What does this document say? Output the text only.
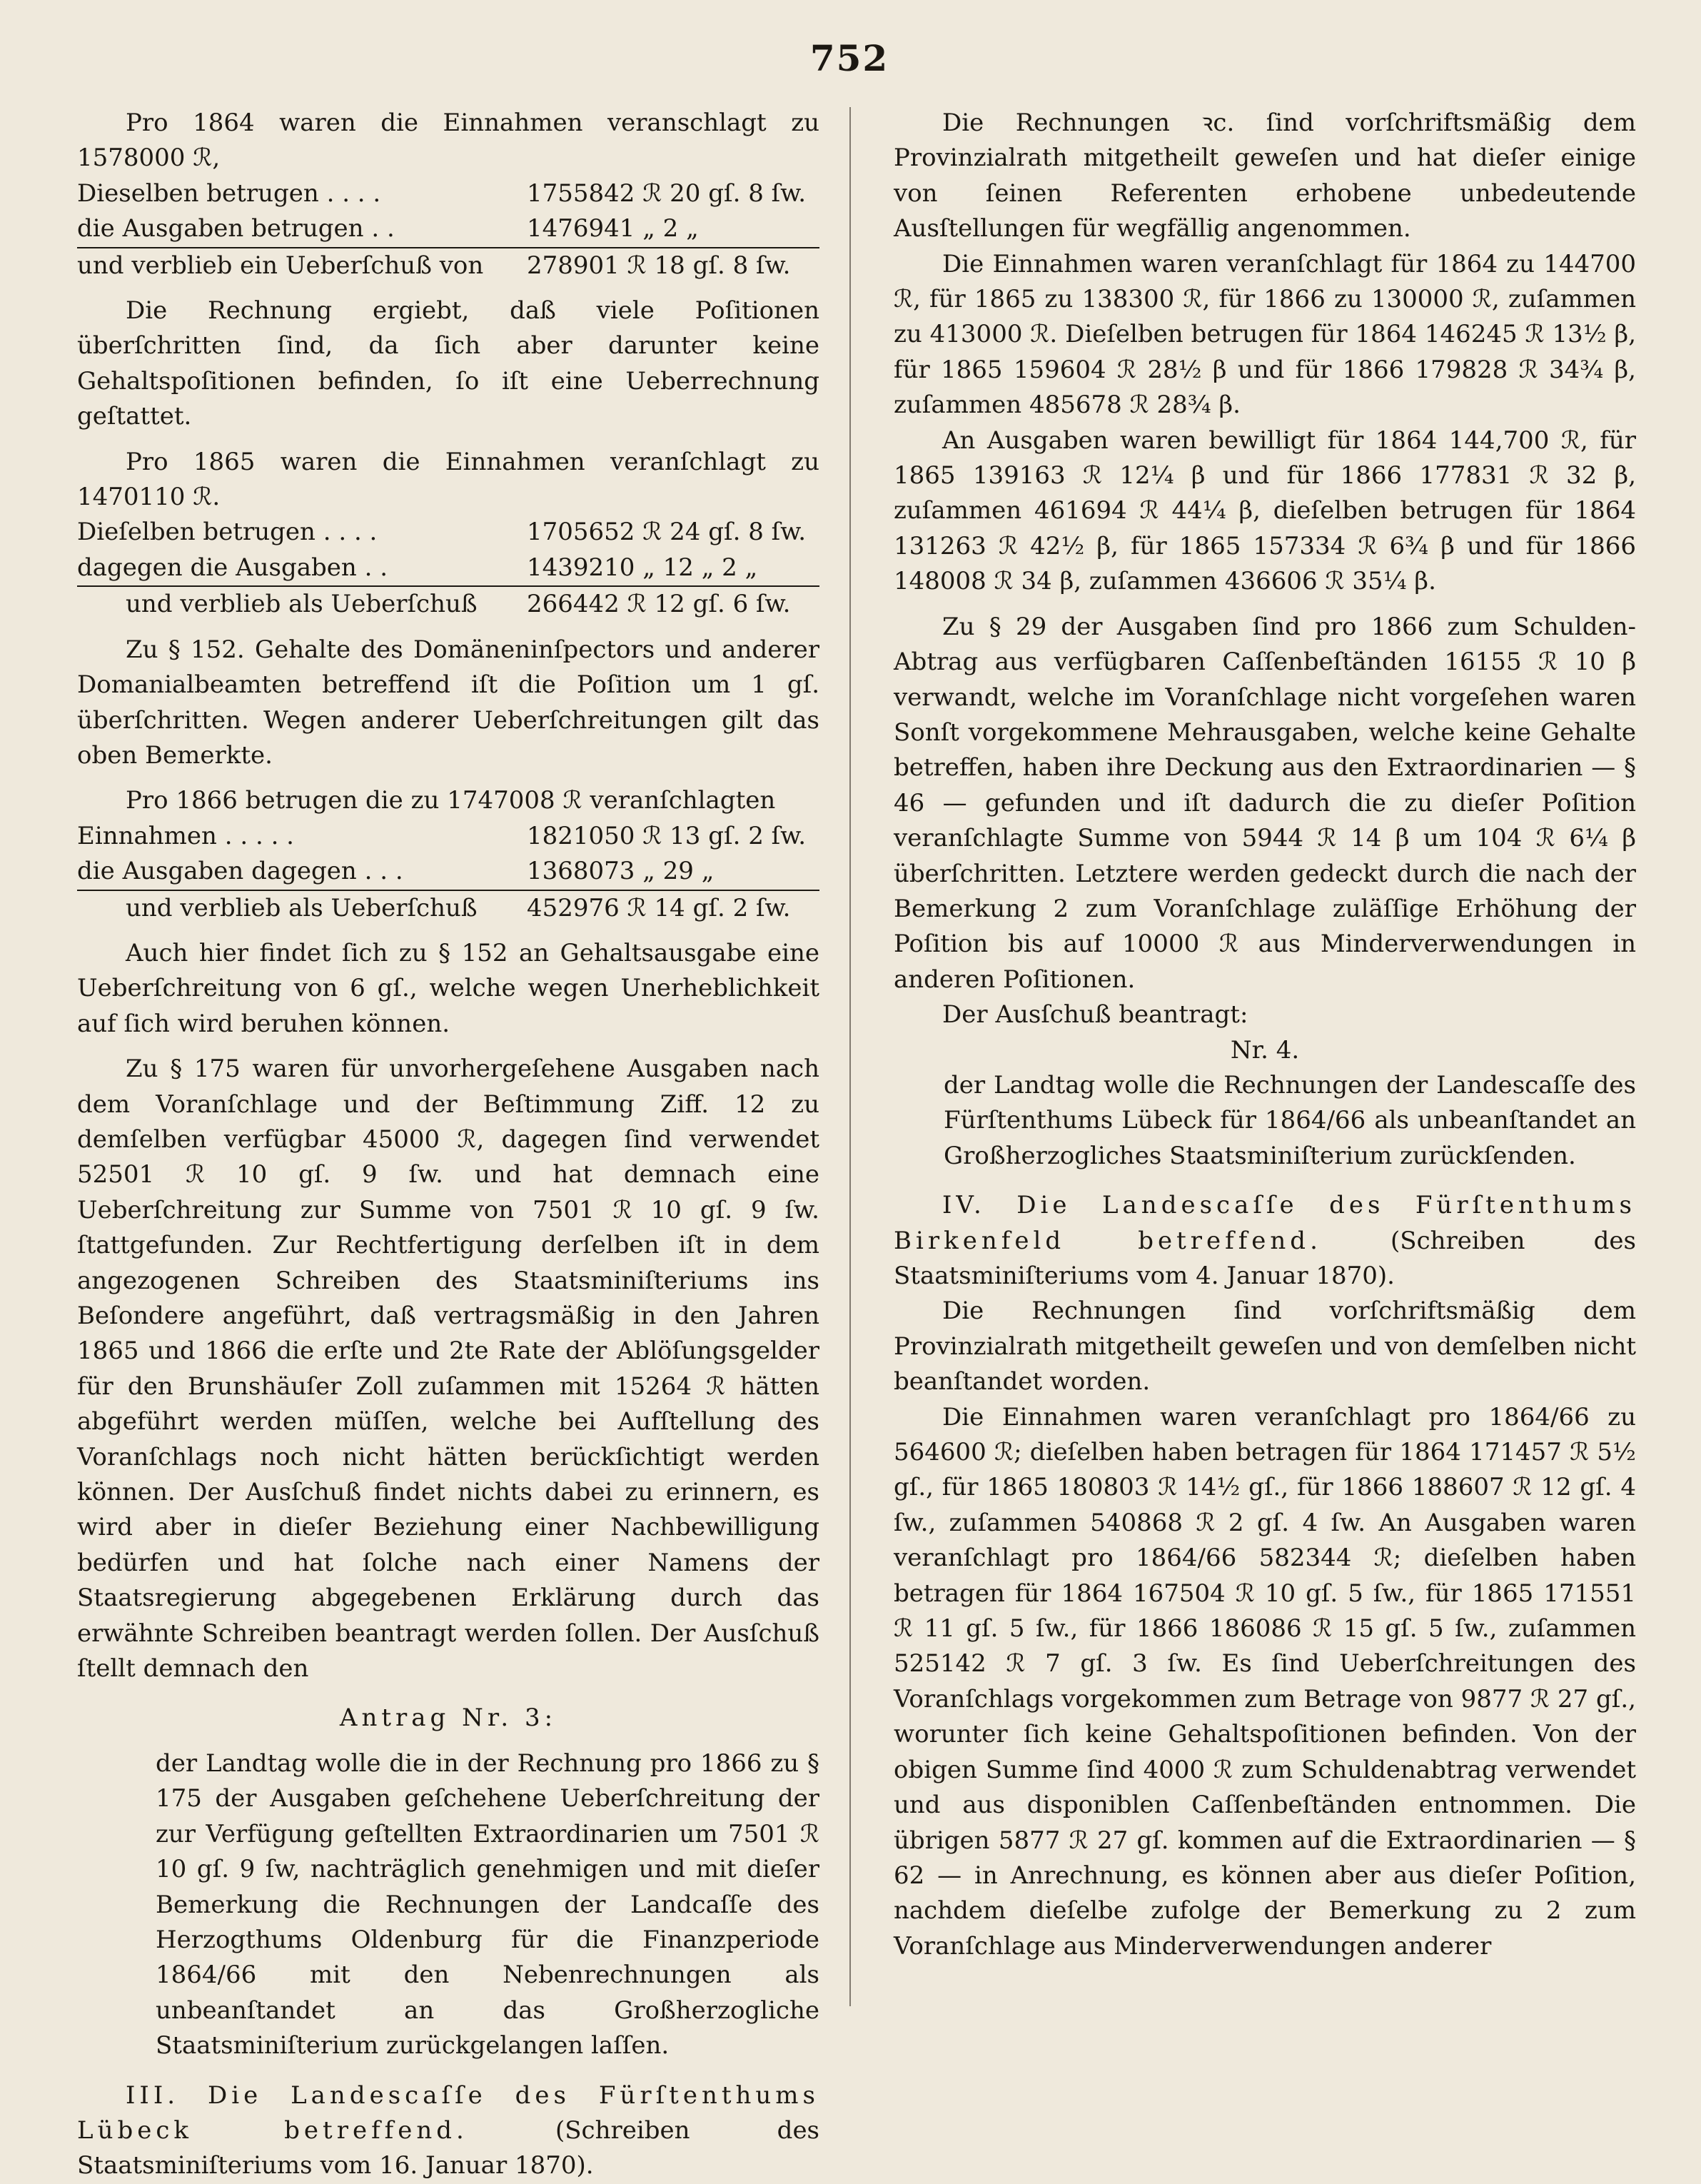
752

Pro 1864 waren die Einnahmen veranschlagt zu 1578000 ℛ,

Dieselben betrugen . . . .	1755842 ℛ 20 gſ. 8 ſw.
die Ausgaben betrugen . .	1476941 „ 2 „
und verblieb ein Ueberſchuß von	278901 ℛ 18 gſ. 8 ſw.

Die Rechnung ergiebt, daß viele Poſitionen überſchritten ſind, da ſich aber darunter keine Gehaltspoſitionen befinden, ſo iſt eine Ueberrechnung geſtattet.

Pro 1865 waren die Einnahmen veranſchlagt zu 1470110 ℛ.

Dieſelben betrugen . . . .	1705652 ℛ 24 gſ. 8 ſw.
dagegen die Ausgaben . .	1439210 „ 12 „ 2 „
und verblieb als Ueberſchuß	266442 ℛ 12 gſ. 6 ſw.

Zu § 152. Gehalte des Domäneninſpectors und anderer Domanialbeamten betreffend iſt die Poſition um 1 gſ. überſchritten. Wegen anderer Ueberſchreitungen gilt das oben Bemerkte.

Pro 1866 betrugen die zu 1747008 ℛ veranſchlagten

Einnahmen . . . . .	1821050 ℛ 13 gſ. 2 ſw.
die Ausgaben dagegen . . .	1368073 „ 29 „
und verblieb als Ueberſchuß	452976 ℛ 14 gſ. 2 ſw.

Auch hier findet ſich zu § 152 an Gehaltsausgabe eine Ueberſchreitung von 6 gſ., welche wegen Unerheblichkeit auf ſich wird beruhen können.

Zu § 175 waren für unvorhergeſehene Ausgaben nach dem Voranſchlage und der Beſtimmung Ziff. 12 zu demſelben verfügbar 45000 ℛ, dagegen ſind verwendet 52501 ℛ 10 gſ. 9 ſw. und hat demnach eine Ueberſchreitung zur Summe von 7501 ℛ 10 gſ. 9 ſw. ſtattgefunden. Zur Rechtfertigung derſelben iſt in dem angezogenen Schreiben des Staatsminiſteriums ins Beſondere angeführt, daß vertragsmäßig in den Jahren 1865 und 1866 die erſte und 2te Rate der Ablöſungsgelder für den Brunshäuſer Zoll zuſammen mit 15264 ℛ hätten abgeführt werden müſſen, welche bei Aufſtellung des Voranſchlags noch nicht hätten berückſichtigt werden können. Der Ausſchuß findet nichts dabei zu erinnern, es wird aber in dieſer Beziehung einer Nachbewilligung bedürfen und hat ſolche nach einer Namens der Staatsregierung abgegebenen Erklärung durch das erwähnte Schreiben beantragt werden ſollen. Der Ausſchuß ſtellt demnach den

Antrag Nr. 3:

der Landtag wolle die in der Rechnung pro 1866 zu § 175 der Ausgaben geſchehene Ueberſchreitung der zur Verfügung geſtellten Extraordinarien um 7501 ℛ 10 gſ. 9 ſw, nachträglich genehmigen und mit dieſer Bemerkung die Rechnungen der Landcaſſe des Herzogthums Oldenburg für die Finanzperiode 1864/66 mit den Nebenrechnungen als unbeanſtandet an das Großherzogliche Staatsminiſterium zurückgelangen laſſen.

III. Die Landescaſſe des Fürſtenthums Lübeck betreffend.	(Schreiben des Staatsminiſteriums vom 16. Januar 1870).

Die Rechnungen ꝛc. ſind vorſchriftsmäßig dem Provinzialrath mitgetheilt geweſen und hat dieſer einige von ſeinen Referenten erhobene unbedeutende Ausſtellungen für wegfällig angenommen.

Die Einnahmen waren veranſchlagt für 1864 zu 144700 ℛ, für 1865 zu 138300 ℛ, für 1866 zu 130000 ℛ, zuſammen zu 413000 ℛ. Dieſelben betrugen für 1864 146245 ℛ 13½ β, für 1865 159604 ℛ 28½ β und für 1866 179828 ℛ 34¾ β, zuſammen 485678 ℛ 28¾ β.

An Ausgaben waren bewilligt für 1864 144,700 ℛ, für 1865 139163 ℛ 12¼ β und für 1866 177831 ℛ 32 β, zuſammen 461694 ℛ 44¼ β, dieſelben betrugen für 1864 131263 ℛ 42½ β, für 1865 157334 ℛ 6¾ β und für 1866 148008 ℛ 34 β, zuſammen 436606 ℛ 35¼ β.

Zu § 29 der Ausgaben ſind pro 1866 zum Schulden-Abtrag aus verfügbaren Caſſenbeſtänden 16155 ℛ 10 β verwandt, welche im Voranſchlage nicht vorgeſehen waren Sonſt vorgekommene Mehrausgaben, welche keine Gehalte betreffen, haben ihre Deckung aus den Extraordinarien — § 46 — gefunden und iſt dadurch die zu dieſer Poſition veranſchlagte Summe von 5944 ℛ 14 β um 104 ℛ 6¼ β überſchritten. Letztere werden gedeckt durch die nach der Bemerkung 2 zum Voranſchlage zuläſſige Erhöhung der Poſition bis auf 10000 ℛ aus Minderverwendungen in anderen Poſitionen.

Der Ausſchuß beantragt:

Nr. 4.

der Landtag wolle die Rechnungen der Landescaſſe des Fürſtenthums Lübeck für 1864/66 als unbeanſtandet an Großherzogliches Staatsminiſterium zurückſenden.

IV. Die Landescaſſe des Fürſtenthums Birkenfeld betreffend.	(Schreiben des Staatsminiſteriums vom 4. Januar 1870).

Die Rechnungen ſind vorſchriftsmäßig dem Provinzialrath mitgetheilt geweſen und von demſelben nicht beanſtandet worden.

Die Einnahmen waren veranſchlagt pro 1864/66 zu 564600 ℛ; dieſelben haben betragen für 1864 171457 ℛ 5½ gſ., für 1865 180803 ℛ 14½ gſ., für 1866 188607 ℛ 12 gſ. 4 ſw., zuſammen 540868 ℛ 2 gſ. 4 ſw. An Ausgaben waren veranſchlagt pro 1864/66 582344 ℛ; dieſelben haben betragen für 1864 167504 ℛ 10 gſ. 5 ſw., für 1865 171551 ℛ 11 gſ. 5 ſw., für 1866 186086 ℛ 15 gſ. 5 ſw., zuſammen 525142 ℛ 7 gſ. 3 ſw. Es ſind Ueberſchreitungen des Voranſchlags vorgekommen zum Betrage von 9877 ℛ 27 gſ., worunter ſich keine Gehaltspoſitionen befinden. Von der obigen Summe ſind 4000 ℛ zum Schuldenabtrag verwendet und aus disponiblen Caſſenbeſtänden entnommen. Die übrigen 5877 ℛ 27 gſ. kommen auf die Extraordinarien — § 62 — in Anrechnung, es können aber aus dieſer Poſition, nachdem dieſelbe zufolge der Bemerkung zu 2 zum Voranſchlage aus Minderverwendungen anderer
